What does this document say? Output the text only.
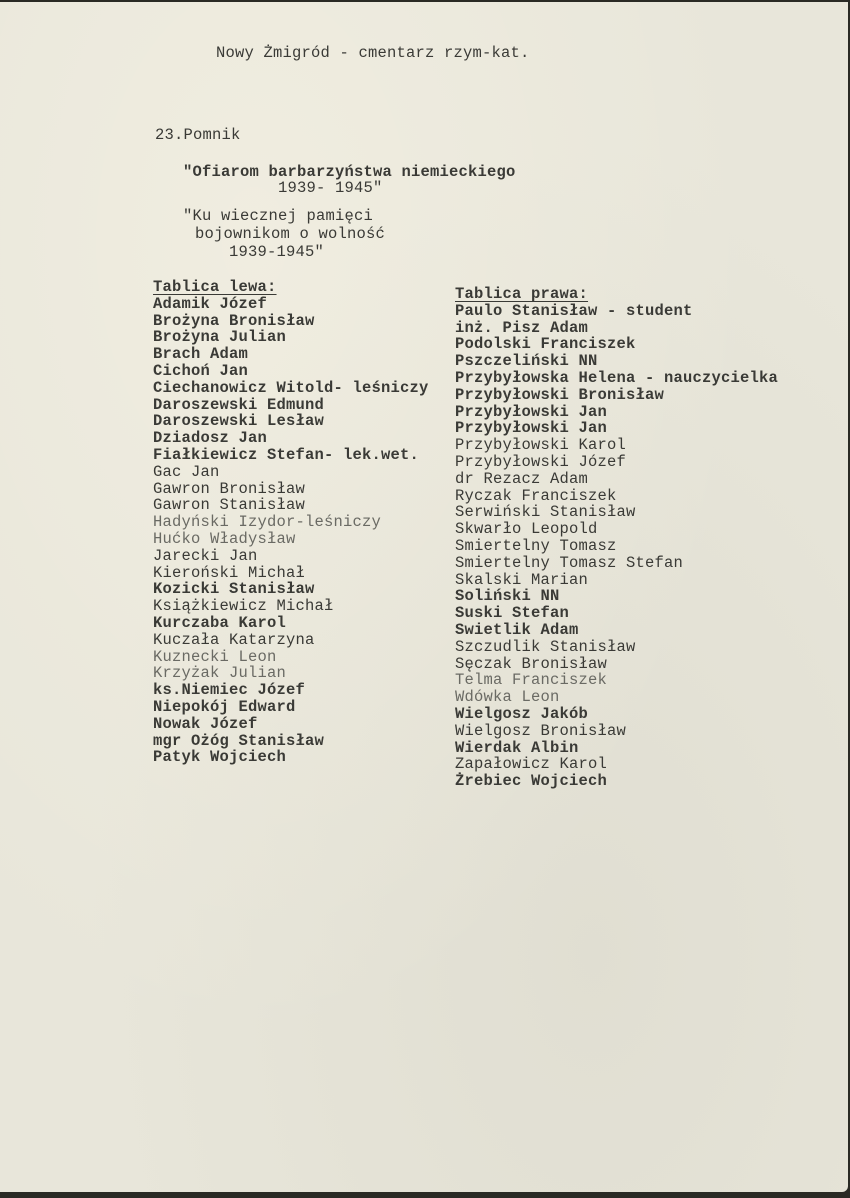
Nowy Żmigród - cmentarz rzym-kat.
23.Pomnik
"Ofiarom barbarzyństwa niemieckiego
1939- 1945"
"Ku wiecznej pamięci
bojownikom o wolność
1939-1945"
Tablica lewa:
Adamik Józef
Brożyna Bronisław
Brożyna Julian
Brach Adam
Cichoń Jan
Ciechanowicz Witold- leśniczy
Daroszewski Edmund
Daroszewski Lesław
Dziadosz Jan
Fiałkiewicz Stefan- lek.wet.
Gac Jan
Gawron Bronisław
Gawron Stanisław
Hadyński Izydor-leśniczy
Hućko Władysław
Jarecki Jan
Kieroński Michał
Kozicki Stanisław
Książkiewicz Michał
Kurczaba Karol
Kuczała Katarzyna
Kuznecki Leon
Krzyżak Julian
ks.Niemiec Józef
Niepokój Edward
Nowak Józef
mgr Ożóg Stanisław
Patyk Wojciech
Tablica prawa:
Paulo Stanisław - student
inż. Pisz Adam
Podolski Franciszek
Pszczeliński NN
Przybyłowska Helena - nauczycielka
Przybyłowski Bronisław
Przybyłowski Jan
Przybyłowski Jan
Przybyłowski Karol
Przybyłowski Józef
dr Rezacz Adam
Ryczak Franciszek
Serwiński Stanisław
Skwarło Leopold
Smiertelny Tomasz
Smiertelny Tomasz Stefan
Skalski Marian
Soliński NN
Suski Stefan
Swietlik Adam
Szczudlik Stanisław
Sęczak Bronisław
Telma Franciszek
Wdówka Leon
Wielgosz Jakób
Wielgosz Bronisław
Wierdak Albin
Zapałowicz Karol
Żrebiec Wojciech
